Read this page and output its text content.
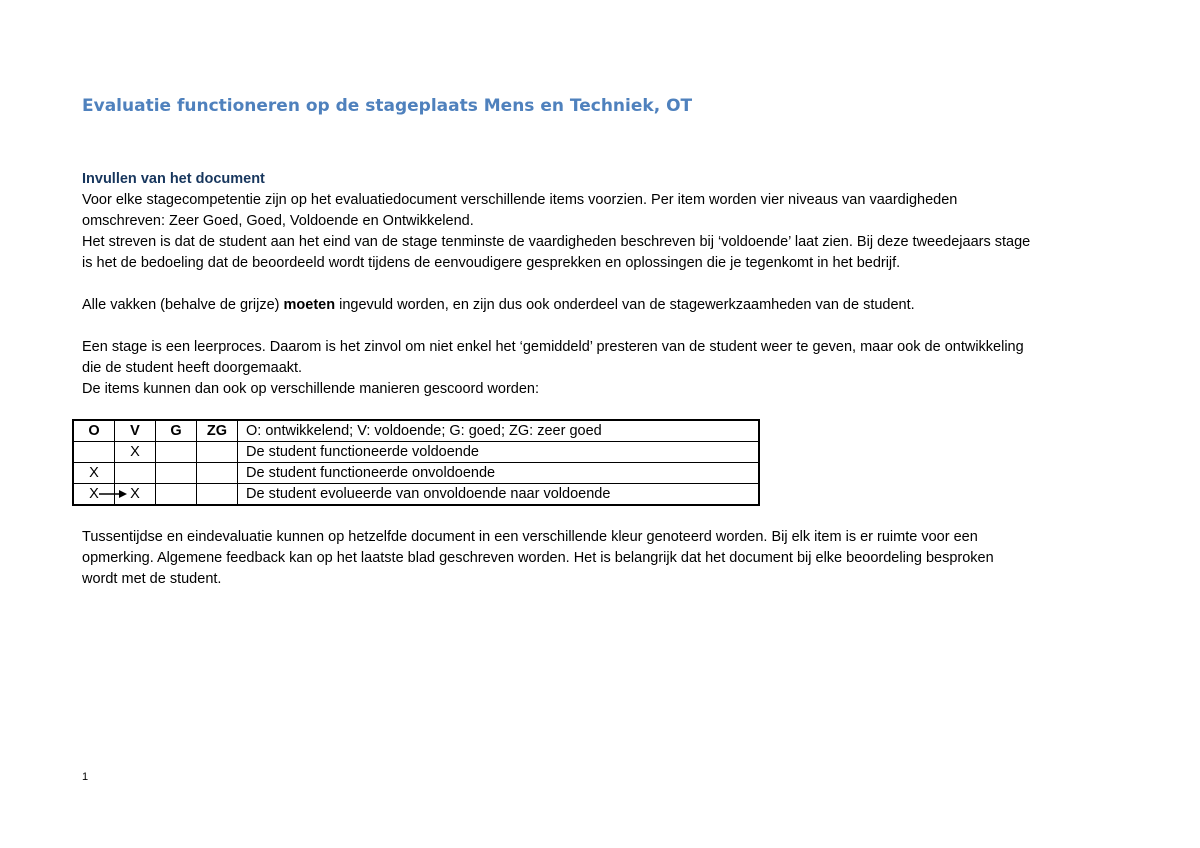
Evaluatie functioneren op de stageplaats Mens en Techniek, OT
Invullen van het document
Voor elke stagecompetentie zijn op het evaluatiedocument verschillende items voorzien. Per item worden vier niveaus van vaardigheden
omschreven: Zeer Goed, Goed, Voldoende en Ontwikkelend.
Het streven is dat de student aan het eind van de stage tenminste de vaardigheden beschreven bij ‘voldoende’ laat zien. Bij deze tweedejaars stage
is het de bedoeling dat de beoordeeld wordt tijdens de eenvoudigere gesprekken en oplossingen die je tegenkomt in het bedrijf.
Alle vakken (behalve de grijze) moeten ingevuld worden, en zijn dus ook onderdeel van de stagewerkzaamheden van de student.
Een stage is een leerproces. Daarom is het zinvol om niet enkel het ‘gemiddeld’ presteren van de student weer te geven, maar ook de ontwikkeling
die de student heeft doorgemaakt.
De items kunnen dan ook op verschillende manieren gescoord worden:
O	V	G	ZG	O: ontwikkelend; V: voldoende; G: goed; ZG: zeer goed
	X			De student functioneerde voldoende
X				De student functioneerde onvoldoende
X	X			De student evolueerde van onvoldoende naar voldoende
Tussentijdse en eindevaluatie kunnen op hetzelfde document in een verschillende kleur genoteerd worden. Bij elk item is er ruimte voor een
opmerking. Algemene feedback kan op het laatste blad geschreven worden. Het is belangrijk dat het document bij elke beoordeling besproken
wordt met de student.
1
